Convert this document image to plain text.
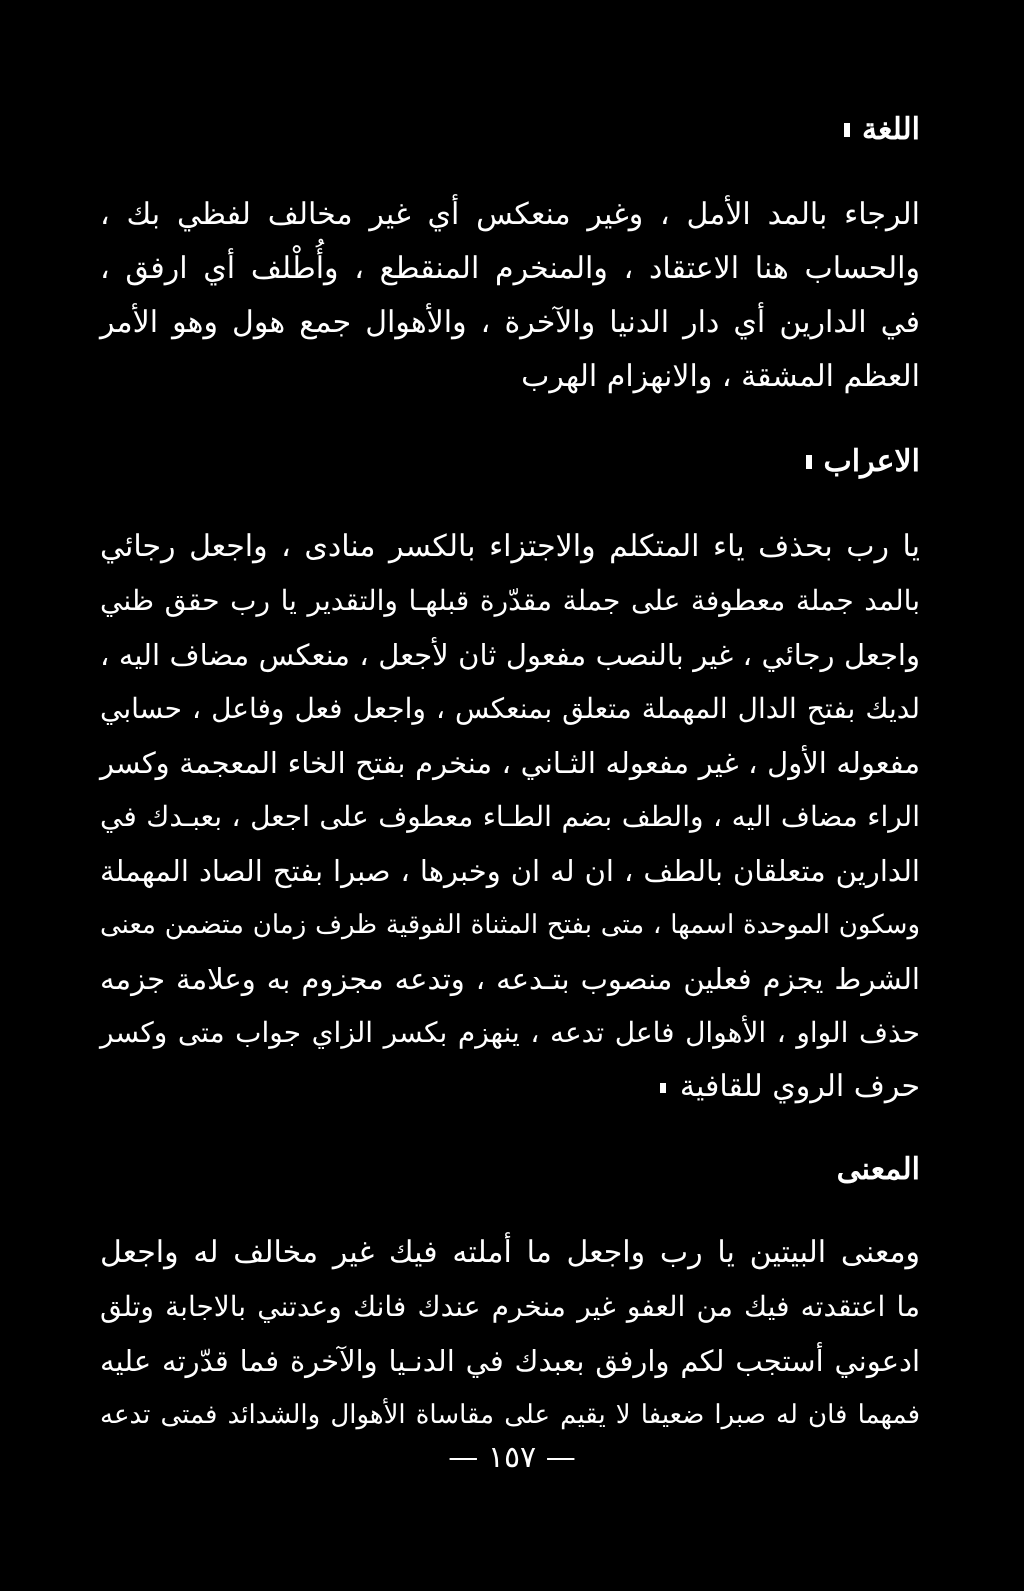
اللغة

الرجاء بالمد الأمل ، وغير منعكس أي غير مخالف لفظي بك ،

والحساب هنا الاعتقاد ، والمنخرم المنقطع ، وأُطْلف أي ارفق ،

في الدارين أي دار الدنيا والآخرة ، والأهوال جمع هول وهو الأمر

العظم المشقة ، والانهزام الهرب

الاعراب

يا رب بحذف ياء المتكلم والاجتزاء بالكسر منادى ، واجعل رجائي

بالمد جملة معطوفة على جملة مقدّرة قبلهـا والتقدير يا رب حقق ظني

واجعل رجائي ، غير بالنصب مفعول ثان لأجعل ، منعكس مضاف اليه ،

لديك بفتح الدال المهملة متعلق بمنعكس ، واجعل فعل وفاعل ، حسابي

مفعوله الأول ، غير مفعوله الثـاني ، منخرم بفتح الخاء المعجمة وكسر

الراء مضاف اليه ، والطف بضم الطـاء معطوف على اجعل ، بعبـدك في

الدارين متعلقان بالطف ، ان له ان وخبرها ، صبرا بفتح الصاد المهملة

وسكون الموحدة اسمها ، متى بفتح المثناة الفوقية ظرف زمان متضمن معنى

الشرط يجزم فعلين منصوب بتـدعه ، وتدعه مجزوم به وعلامة جزمه

حذف الواو ، الأهوال فاعل تدعه ، ينهزم بكسر الزاي جواب متى وكسر

حرف الروي للقافية

المعنى

ومعنى البيتين يا رب واجعل ما أملته فيك غير مخالف له واجعل

ما اعتقدته فيك من العفو غير منخرم عندك فانك وعدتني بالاجابة وتلق

ادعوني أستجب لكم وارفق بعبدك في الدنـيا والآخرة فما قدّرته عليه

فمهما فان له صبرا ضعيفا لا يقيم على مقاساة الأهوال والشدائد فمتى تدعه

— ١٥٧ —
